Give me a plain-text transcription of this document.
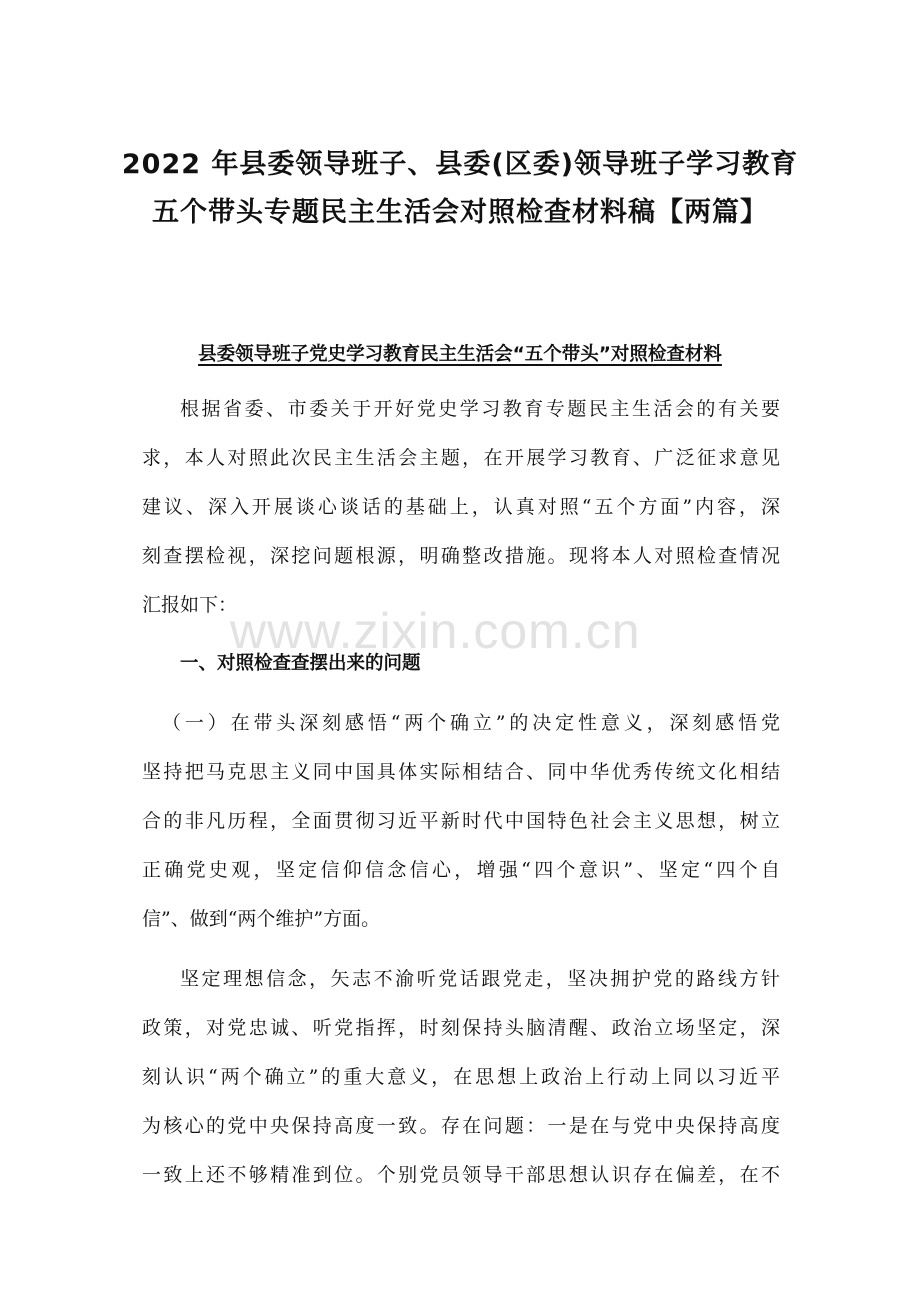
2022 年县委领导班子、县委(区委)领导班子学习教育
五个带头专题民主生活会对照检查材料稿【两篇】
县委领导班子党史学习教育民主生活会“五个带头”对照检查材料
根据省委、市委关于开好党史学习教育专题民主生活会的有关要
求，本人对照此次民主生活会主题，在开展学习教育、广泛征求意见
建议、深入开展谈心谈话的基础上，认真对照“五个方面”内容，深
刻查摆检视，深挖问题根源，明确整改措施。现将本人对照检查情况
汇报如下：
一、对照检查查摆出来的问题
（一）在带头深刻感悟“两个确立”的决定性意义，深刻感悟党
坚持把马克思主义同中国具体实际相结合、同中华优秀传统文化相结
合的非凡历程，全面贯彻习近平新时代中国特色社会主义思想，树立
正确党史观，坚定信仰信念信心，增强“四个意识”、坚定“四个自
信”、做到“两个维护”方面。
坚定理想信念，矢志不渝听党话跟党走，坚决拥护党的路线方针
政策，对党忠诚、听党指挥，时刻保持头脑清醒、政治立场坚定，深
刻认识“两个确立”的重大意义，在思想上政治上行动上同以习近平
为核心的党中央保持高度一致。存在问题：一是在与党中央保持高度
一致上还不够精准到位。个别党员领导干部思想认识存在偏差，在不
www.zixin.com.cn
